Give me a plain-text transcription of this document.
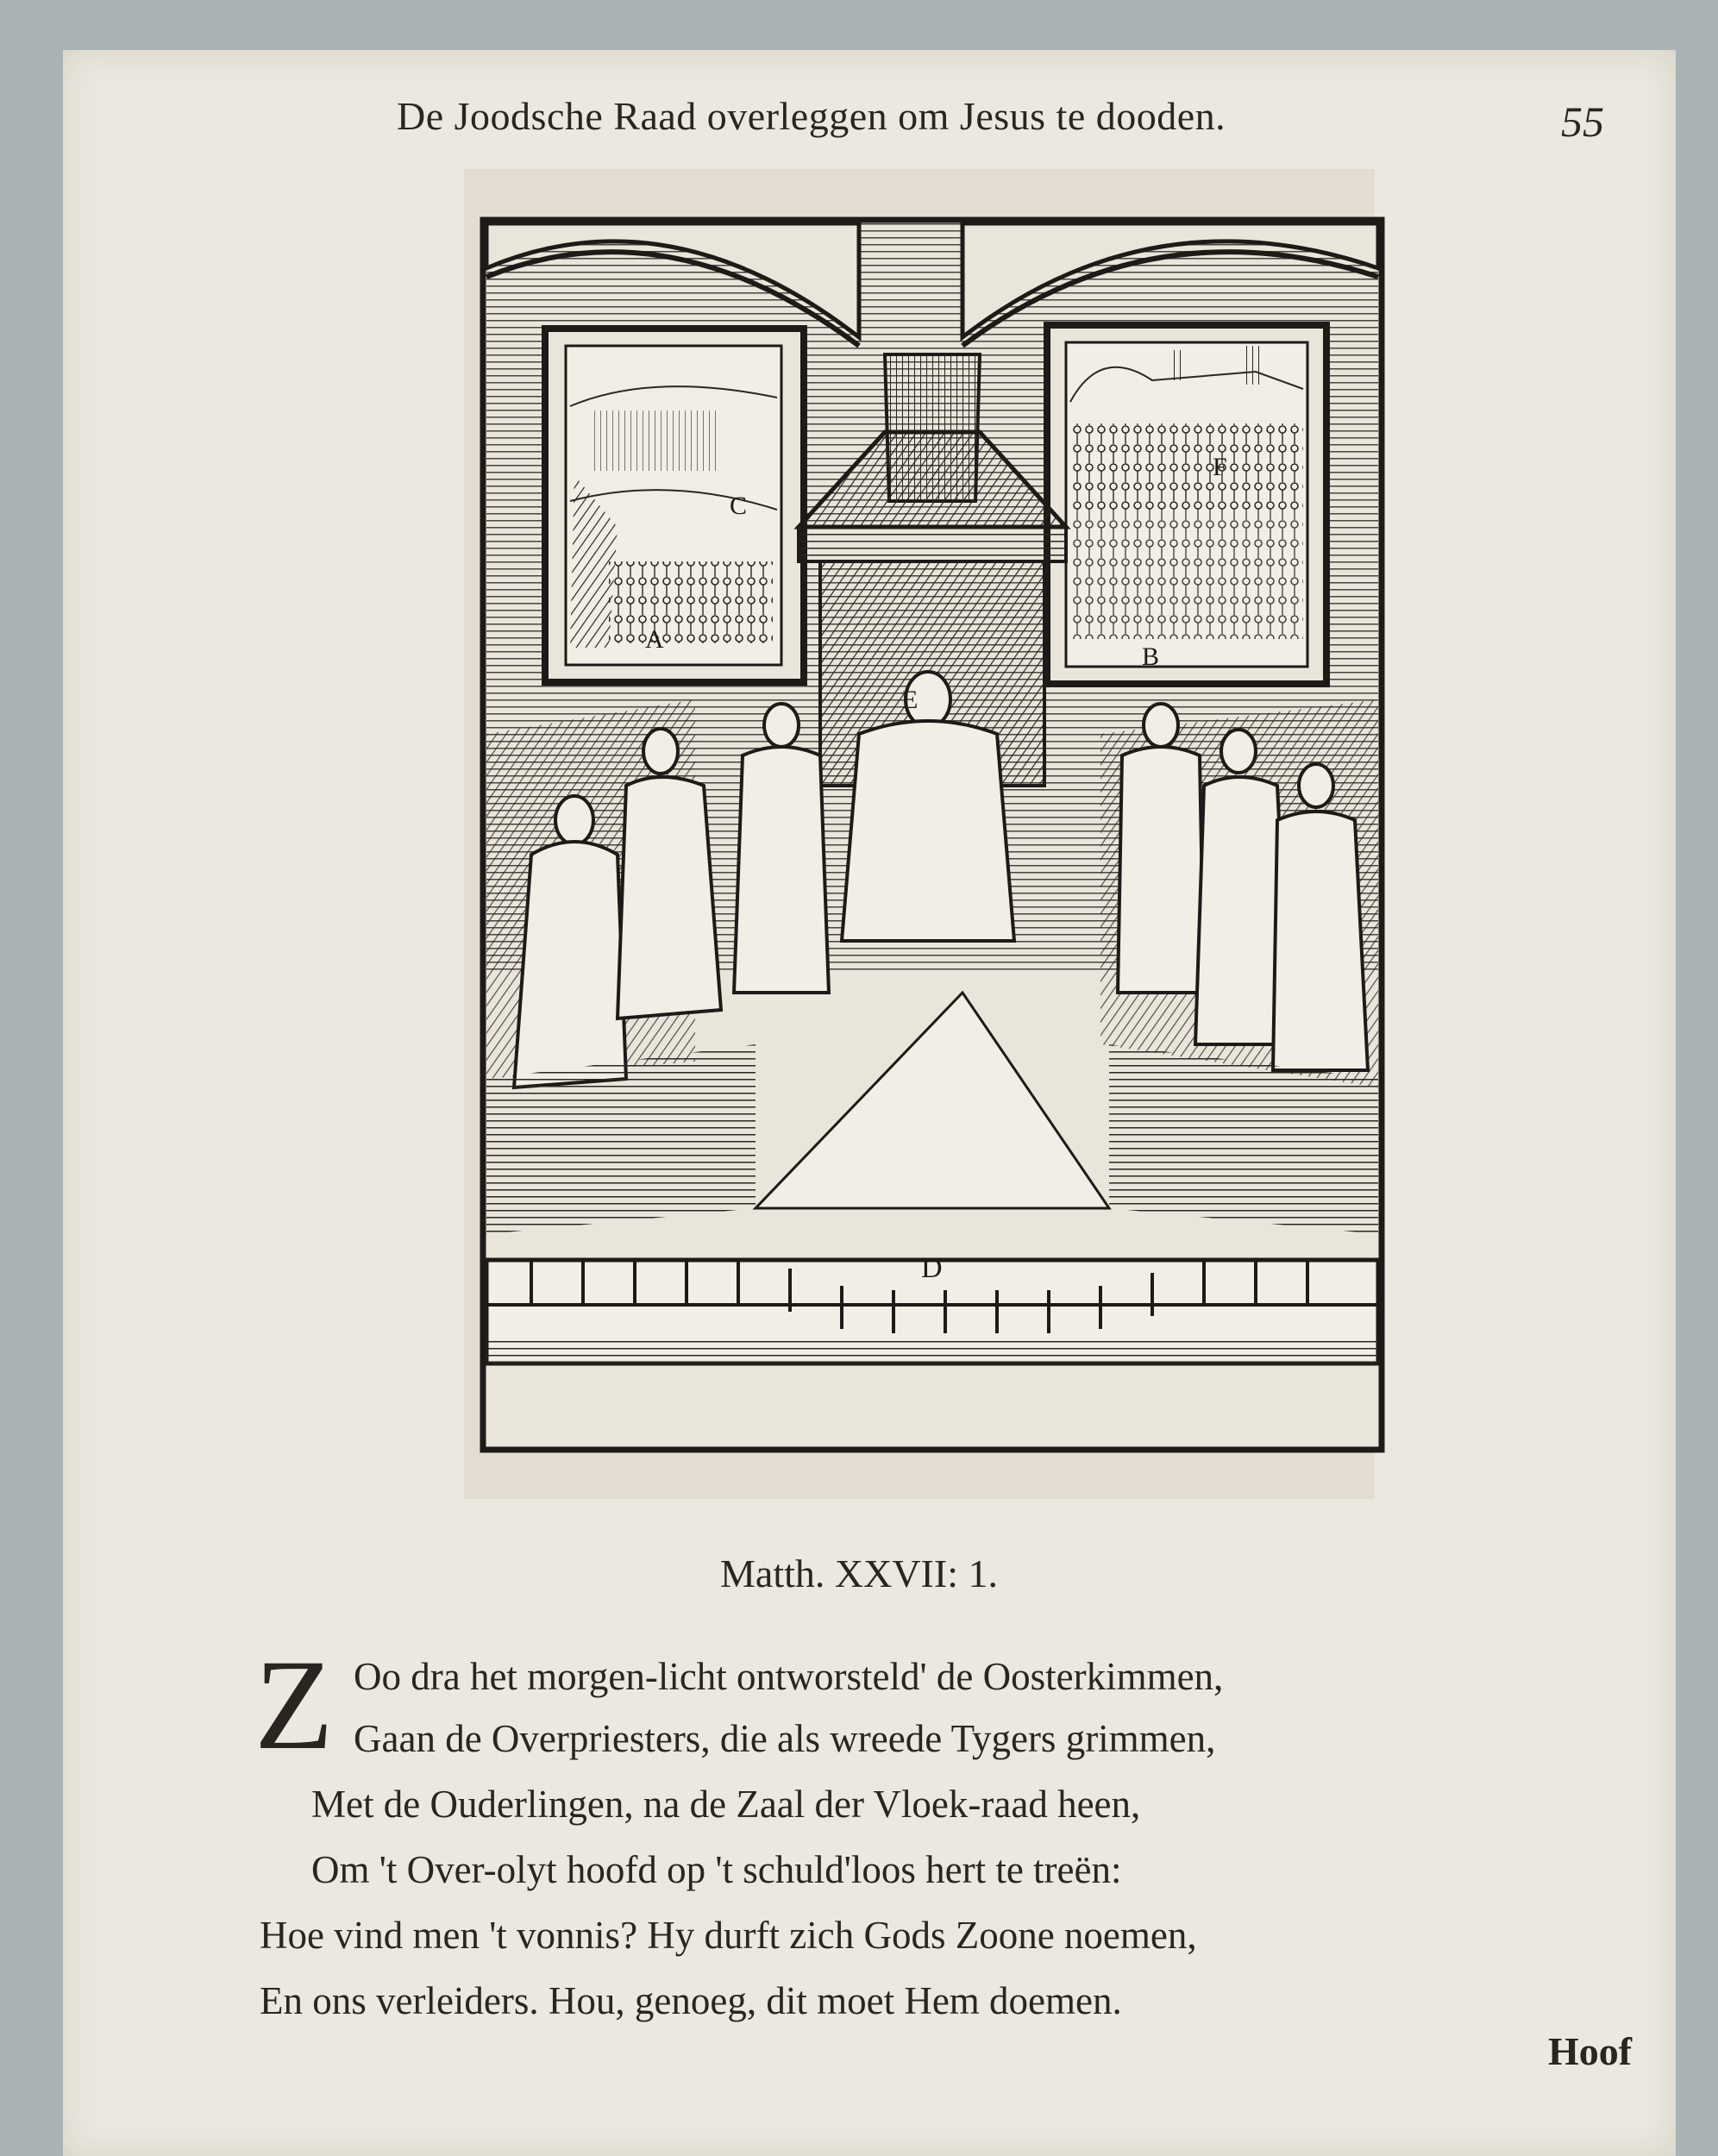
De Joodsche Raad overleggen om Jesus te dooden.	55
A
B
C
D
E
F
Matth. XXVII: 1.
Z Oo dra het morgen-licht ontworsteld' de Oosterkimmen,
Gaan de Overpriesters, die als wreede Tygers grimmen,
Met de Ouderlingen, na de Zaal der Vloek-raad heen,
Om 't Over-olyt hoofd op 't schuld'loos hert te treën:
Hoe vind men 't vonnis? Hy durft zich Gods Zoone noemen,
En ons verleiders. Hou, genoeg, dit moet Hem doemen.
Hoof
